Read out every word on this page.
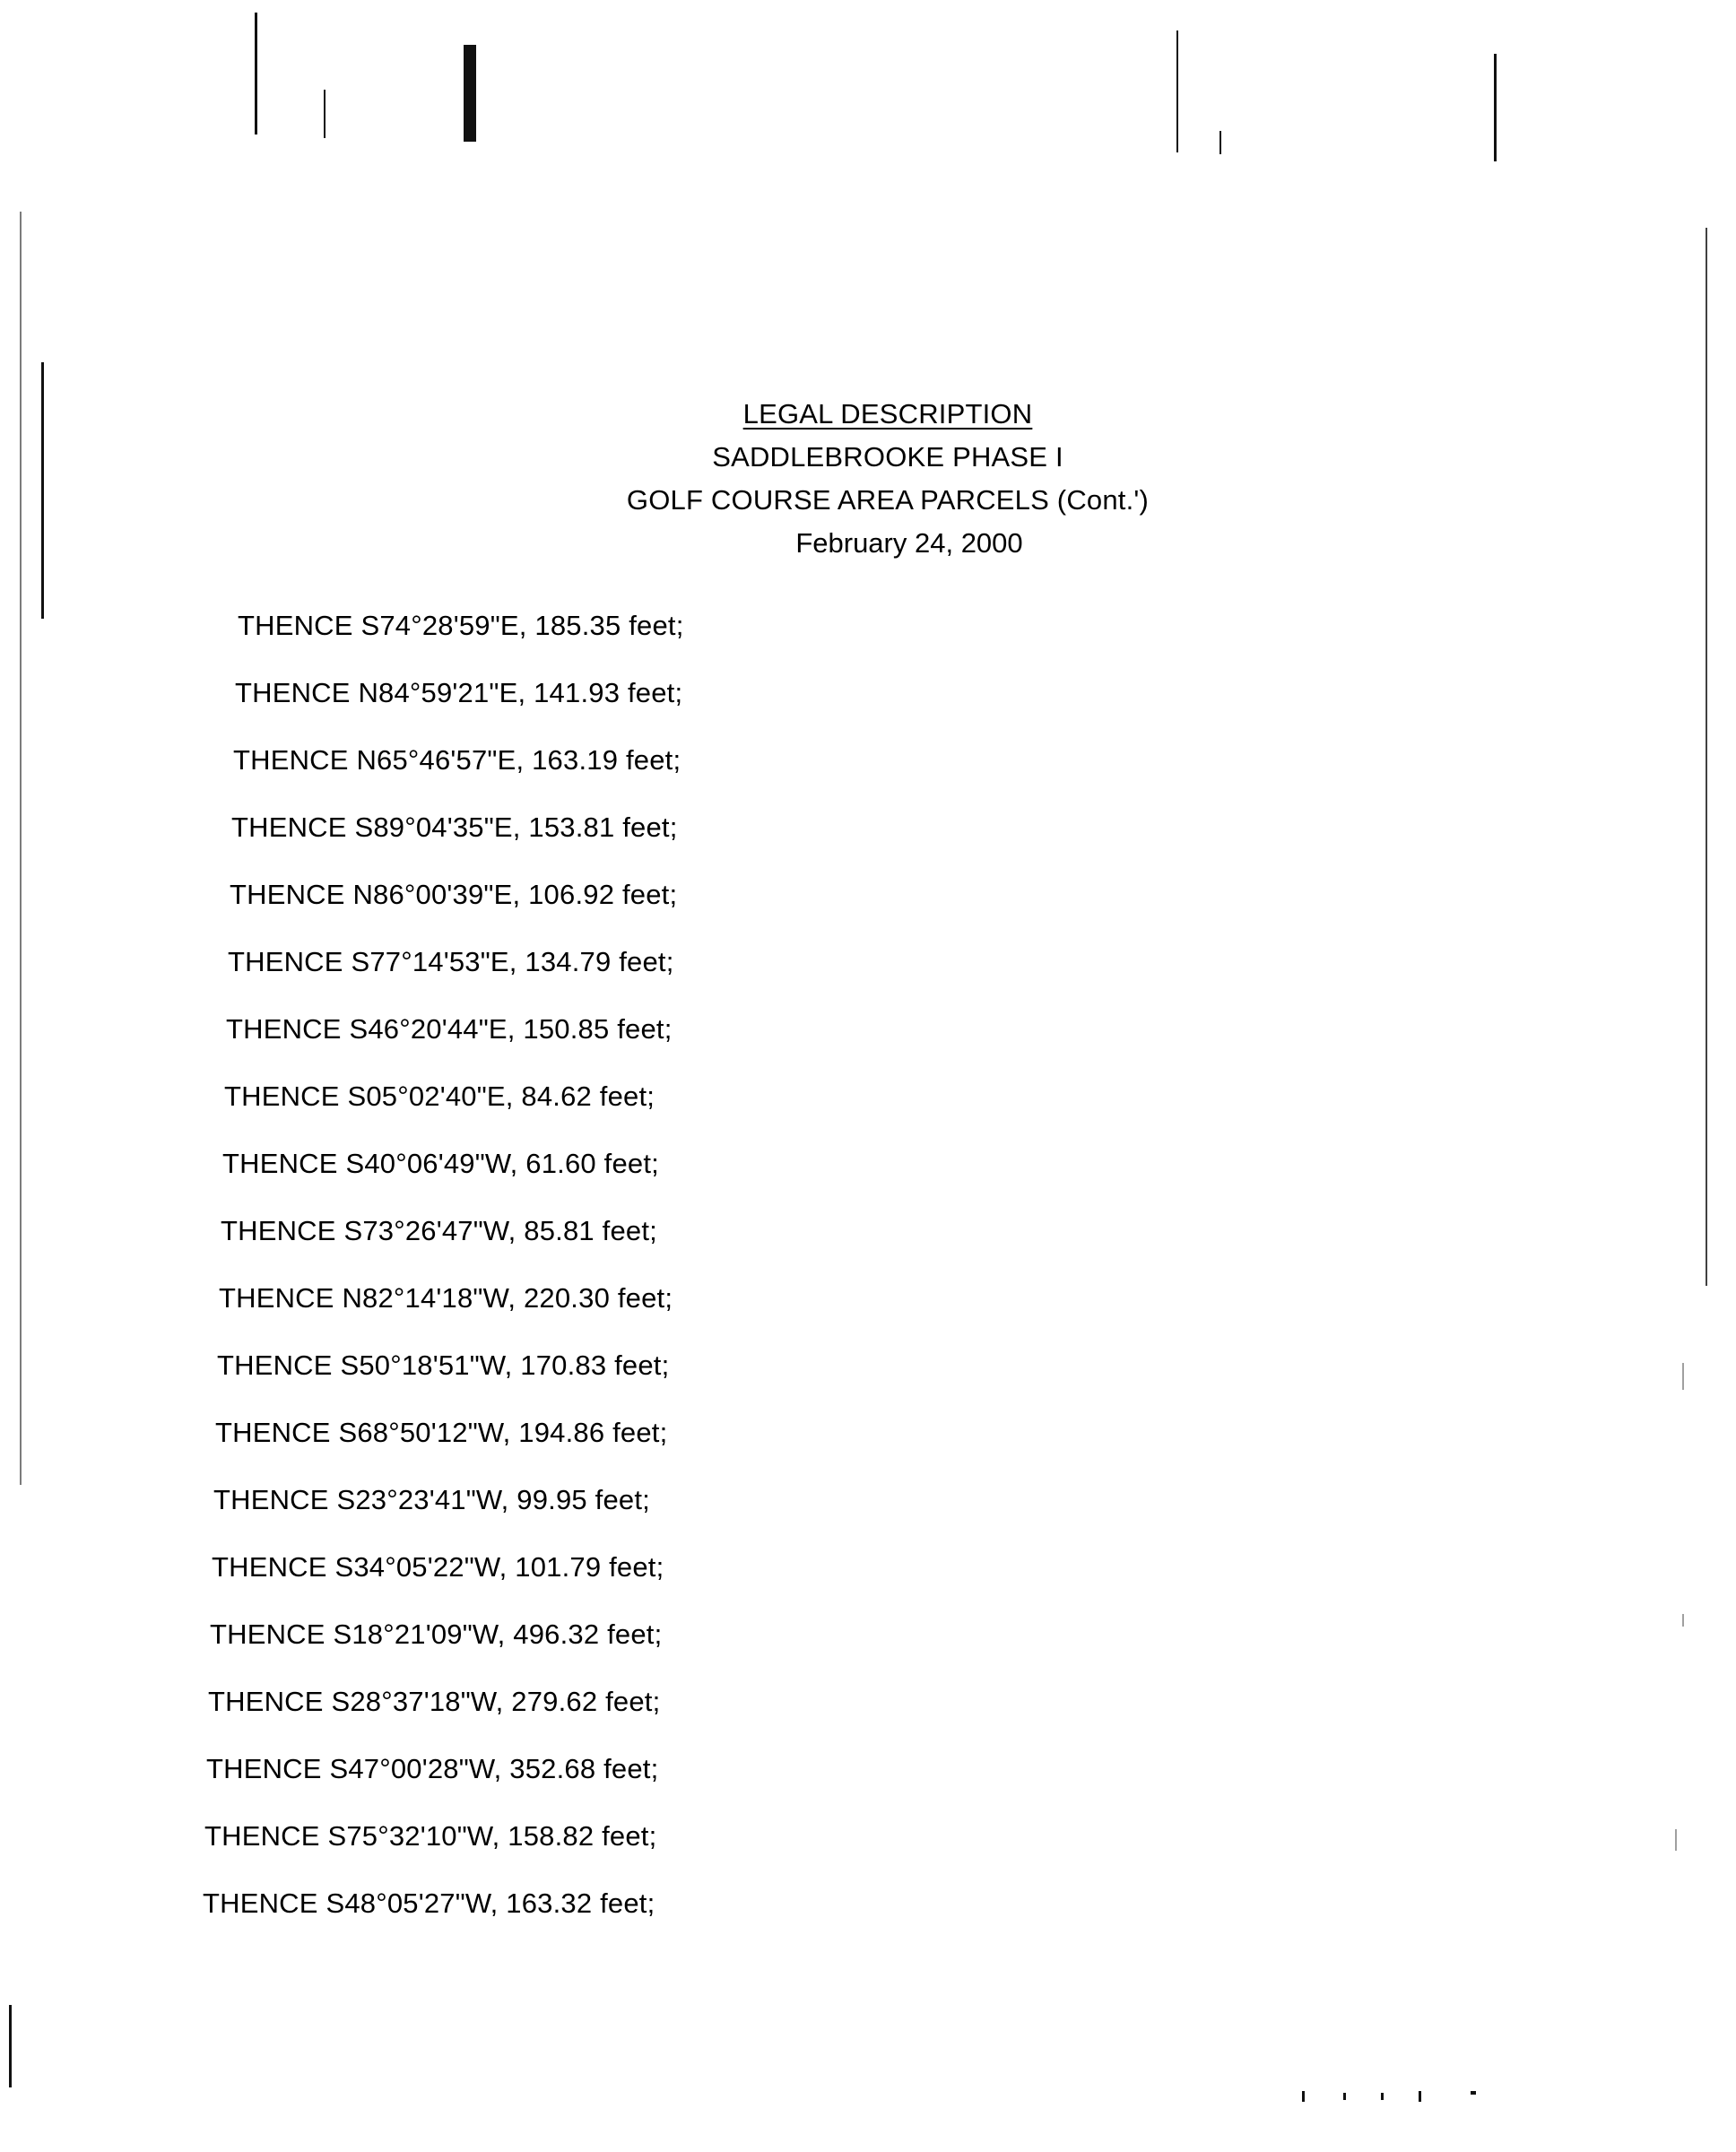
LEGAL DESCRIPTION
SADDLEBROOKE PHASE I
GOLF COURSE AREA PARCELS (Cont.')
February 24, 2000
THENCE S74°28'59"E, 185.35 feet;
THENCE N84°59'21"E, 141.93 feet;
THENCE N65°46'57"E, 163.19 feet;
THENCE S89°04'35"E, 153.81 feet;
THENCE N86°00'39"E, 106.92 feet;
THENCE S77°14'53"E, 134.79 feet;
THENCE S46°20'44"E, 150.85 feet;
THENCE S05°02'40"E, 84.62 feet;
THENCE S40°06'49"W, 61.60 feet;
THENCE S73°26'47"W, 85.81 feet;
THENCE N82°14'18"W, 220.30 feet;
THENCE S50°18'51"W, 170.83 feet;
THENCE S68°50'12"W, 194.86 feet;
THENCE S23°23'41"W, 99.95 feet;
THENCE S34°05'22"W, 101.79 feet;
THENCE S18°21'09"W, 496.32 feet;
THENCE S28°37'18"W, 279.62 feet;
THENCE S47°00'28"W, 352.68 feet;
THENCE S75°32'10"W, 158.82 feet;
THENCE S48°05'27"W, 163.32 feet;
